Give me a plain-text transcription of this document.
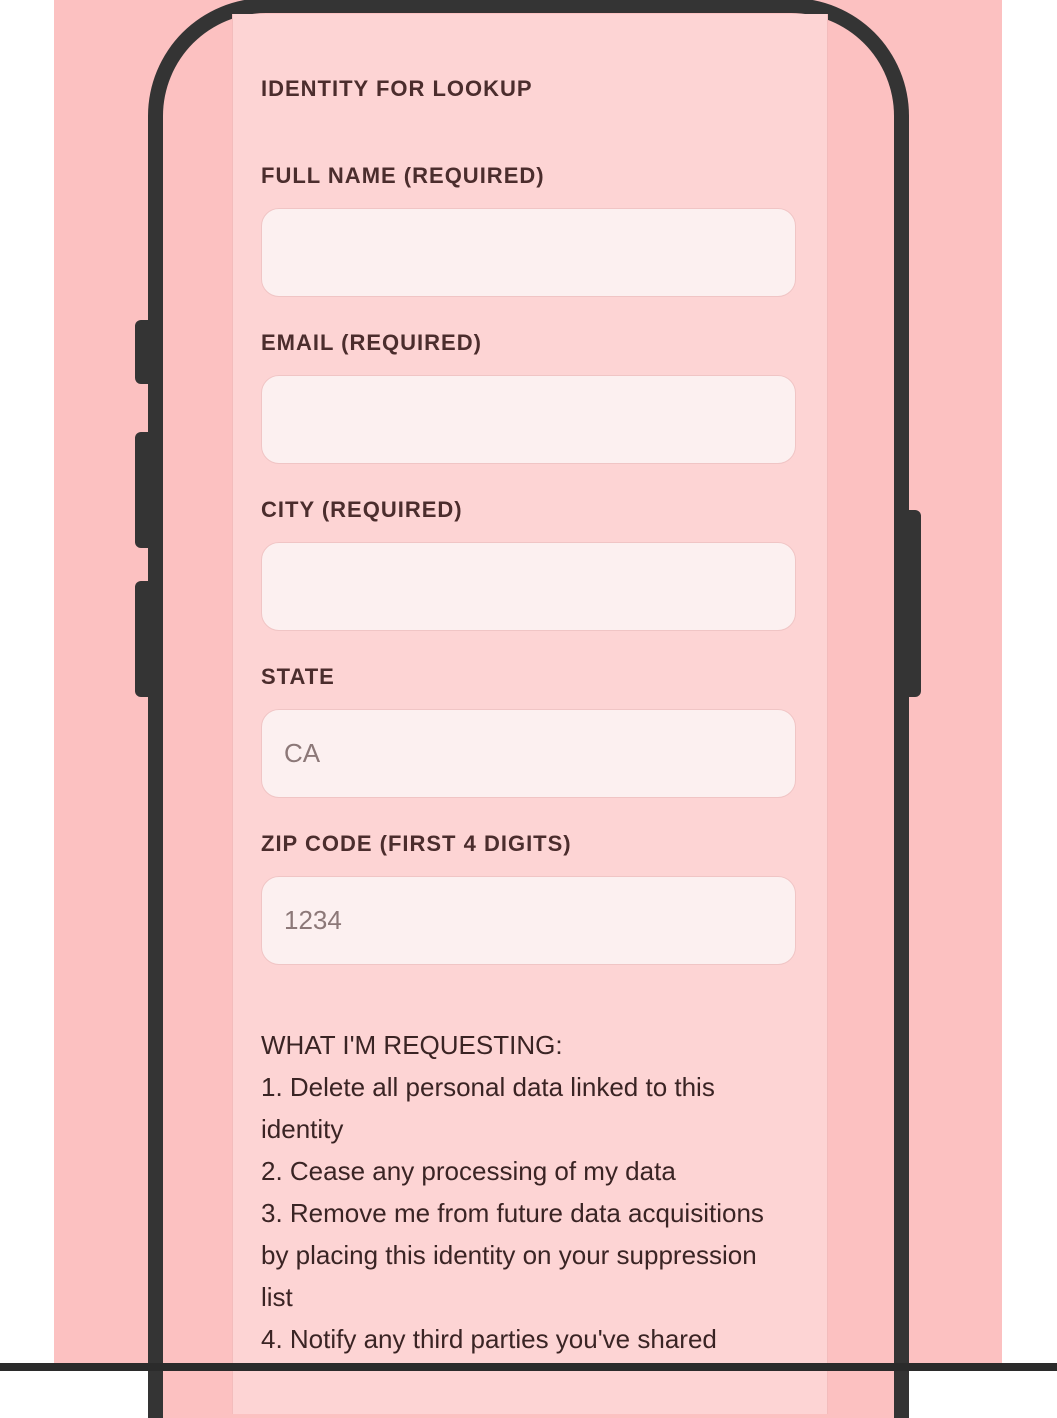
IDENTITY FOR LOOKUP
FULL NAME (REQUIRED)
EMAIL (REQUIRED)
CITY (REQUIRED)
STATE
CA
ZIP CODE (FIRST 4 DIGITS)
1234

WHAT I'M REQUESTING:

1. Delete all personal data linked to this identity

2. Cease any processing of my data

3. Remove me from future data acquisitions by placing this identity on your suppression list

4. Notify any third parties you've shared
